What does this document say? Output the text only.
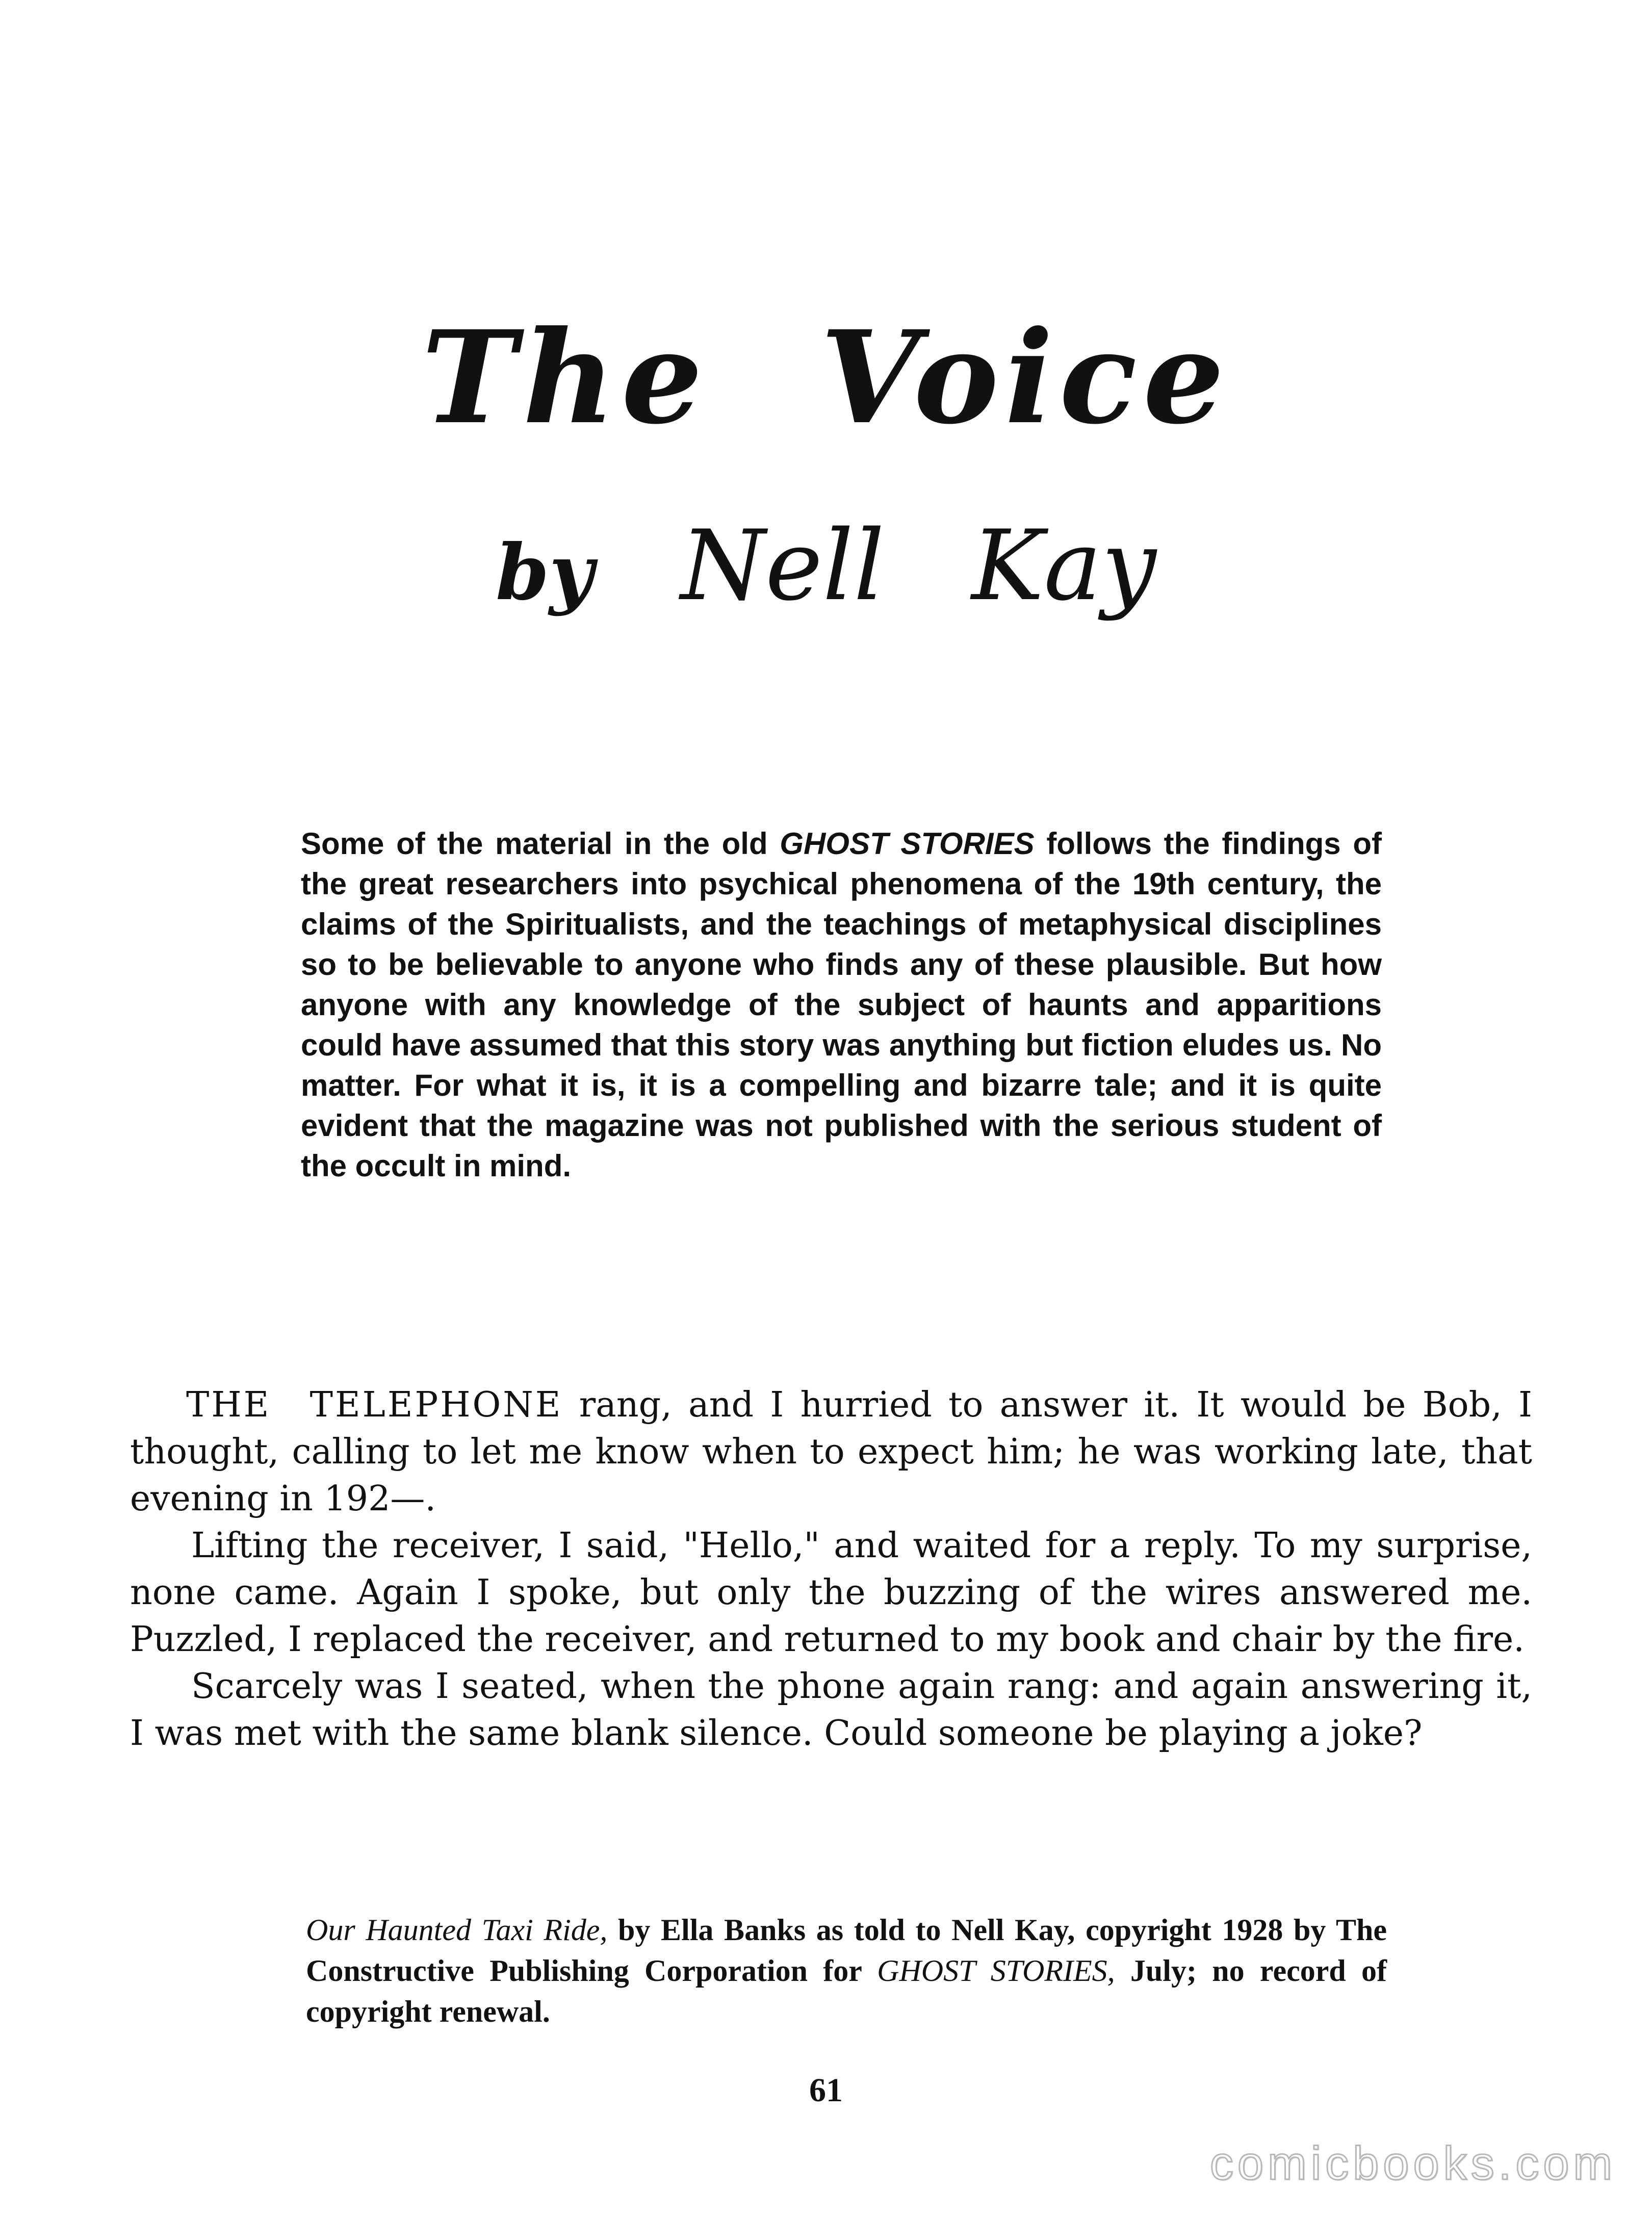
The Voice
by Nell Kay

Some of the material in the old GHOST STORIES follows the findings of the great researchers into psychical phenomena of the 19th century, the claims of the Spiritualists, and the teachings of metaphysical disciplines so to be believable to anyone who finds any of these plausible. But how anyone with any knowledge of the subject of haunts and apparitions could have assumed that this story was anything but fiction eludes us. No matter. For what it is, it is a compelling and bizarre tale; and it is quite evident that the magazine was not published with the serious student of the occult in mind.

THE TELEPHONE rang, and I hurried to answer it. It would be Bob, I thought, calling to let me know when to expect him; he was working late, that evening in 192—.

Lifting the receiver, I said, "Hello," and waited for a reply. To my surprise, none came. Again I spoke, but only the buzzing of the wires answered me. Puzzled, I replaced the receiver, and returned to my book and chair by the fire.

Scarcely was I seated, when the phone again rang: and again answering it, I was met with the same blank silence. Could someone be playing a joke?

Our Haunted Taxi Ride, by Ella Banks as told to Nell Kay, copyright 1928 by The Constructive Publishing Corporation for GHOST STORIES, July; no record of copyright renewal.

61
comicbooks.com
